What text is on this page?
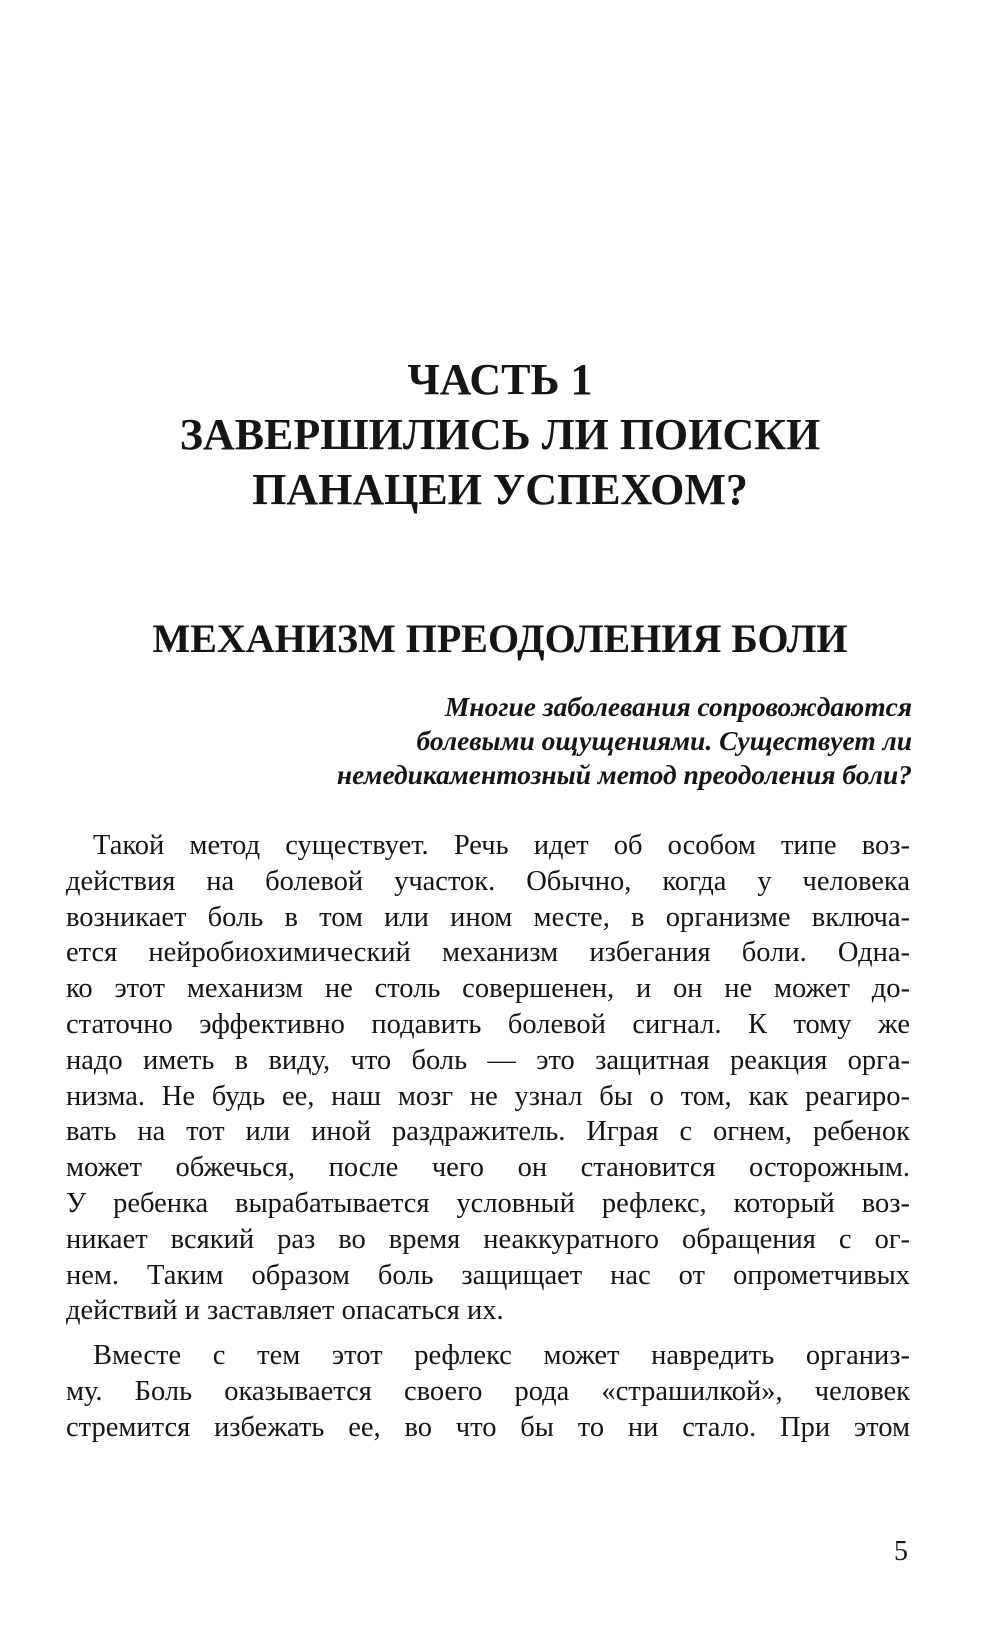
ЧАСТЬ 1
ЗАВЕРШИЛИСЬ ЛИ ПОИСКИ
ПАНАЦЕИ УСПЕХОМ?
МЕХАНИЗМ ПРЕОДОЛЕНИЯ БОЛИ

Многие заболевания сопровождаются
болевыми ощущениями. Существует ли
немедикаментозный метод преодоления боли?

Такой метод существует. Речь идет об особом типе воз-
действия на болевой участок. Обычно, когда у человека
возникает боль в том или ином месте, в организме включа-
ется нейробиохимический механизм избегания боли. Одна-
ко этот механизм не столь совершенен, и он не может до-
статочно эффективно подавить болевой сигнал. К тому же
надо иметь в виду, что боль — это защитная реакция орга-
низма. Не будь ее, наш мозг не узнал бы о том, как реагиро-
вать на тот или иной раздражитель. Играя с огнем, ребенок
может обжечься, после чего он становится осторожным.
У ребенка вырабатывается условный рефлекс, который воз-
никает всякий раз во время неаккуратного обращения с ог-
нем. Таким образом боль защищает нас от опрометчивых
действий и заставляет опасаться их.
Вместе с тем этот рефлекс может навредить организ-
му. Боль оказывается своего рода «страшилкой», человек
стремится избежать ее, во что бы то ни стало. При этом
5
